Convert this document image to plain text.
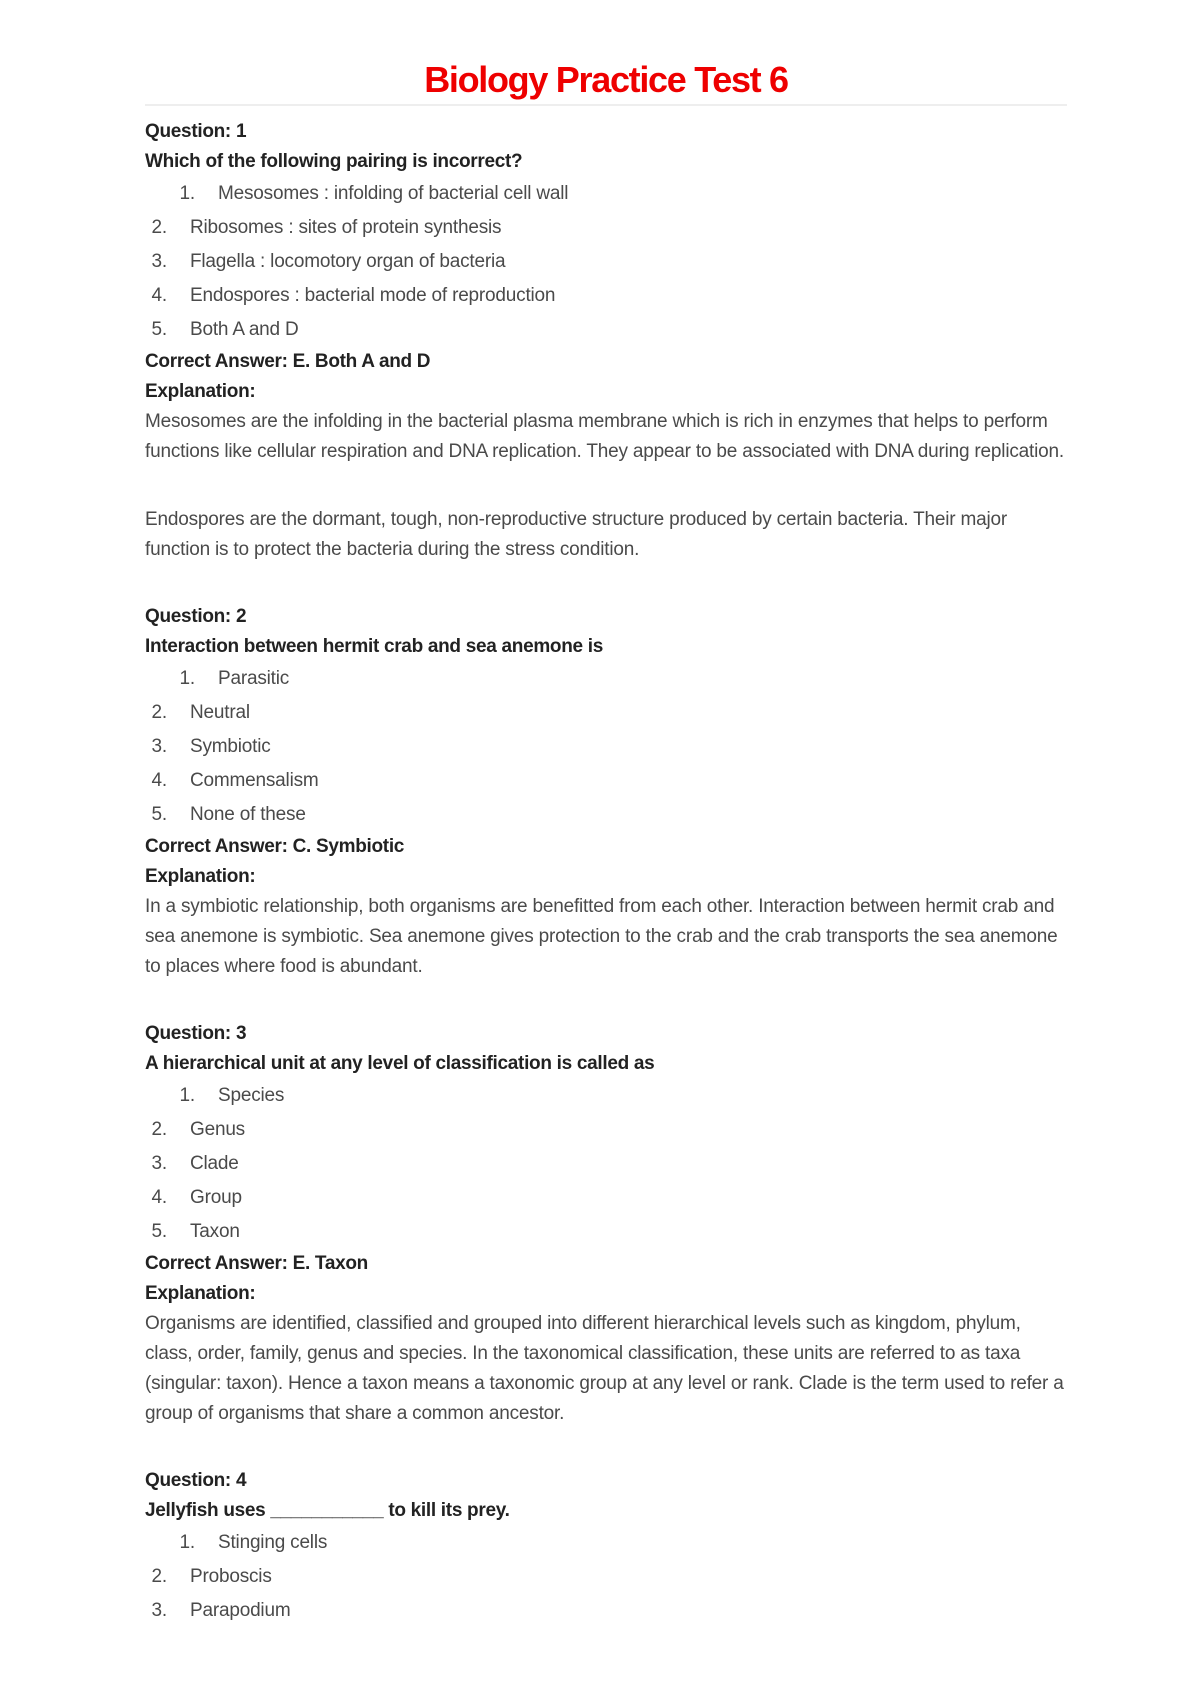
Biology Practice Test 6

Question: 1

Which of the following pairing is incorrect?

1. Mesosomes : infolding of bacterial cell wall
2. Ribosomes : sites of protein synthesis
3. Flagella : locomotory organ of bacteria
4. Endospores : bacterial mode of reproduction
5. Both A and D

Correct Answer: E. Both A and D

Explanation:

Mesosomes are the infolding in the bacterial plasma membrane which is rich in enzymes that helps to perform functions like cellular respiration and DNA replication. They appear to be associated with DNA during replication.

Endospores are the dormant, tough, non-reproductive structure produced by certain bacteria. Their major function is to protect the bacteria during the stress condition.

Question: 2

Interaction between hermit crab and sea anemone is

1. Parasitic
2. Neutral
3. Symbiotic
4. Commensalism
5. None of these

Correct Answer: C. Symbiotic

Explanation:

In a symbiotic relationship, both organisms are benefitted from each other. Interaction between hermit crab and sea anemone is symbiotic. Sea anemone gives protection to the crab and the crab transports the sea anemone to places where food is abundant.

Question: 3

A hierarchical unit at any level of classification is called as

1. Species
2. Genus
3. Clade
4. Group
5. Taxon

Correct Answer: E. Taxon

Explanation:

Organisms are identified, classified and grouped into different hierarchical levels such as kingdom, phylum, class, order, family, genus and species. In the taxonomical classification, these units are referred to as taxa (singular: taxon). Hence a taxon means a taxonomic group at any level or rank. Clade is the term used to refer a group of organisms that share a common ancestor.

Question: 4

Jellyfish uses ___________ to kill its prey.

1. Stinging cells
2. Proboscis
3. Parapodium
